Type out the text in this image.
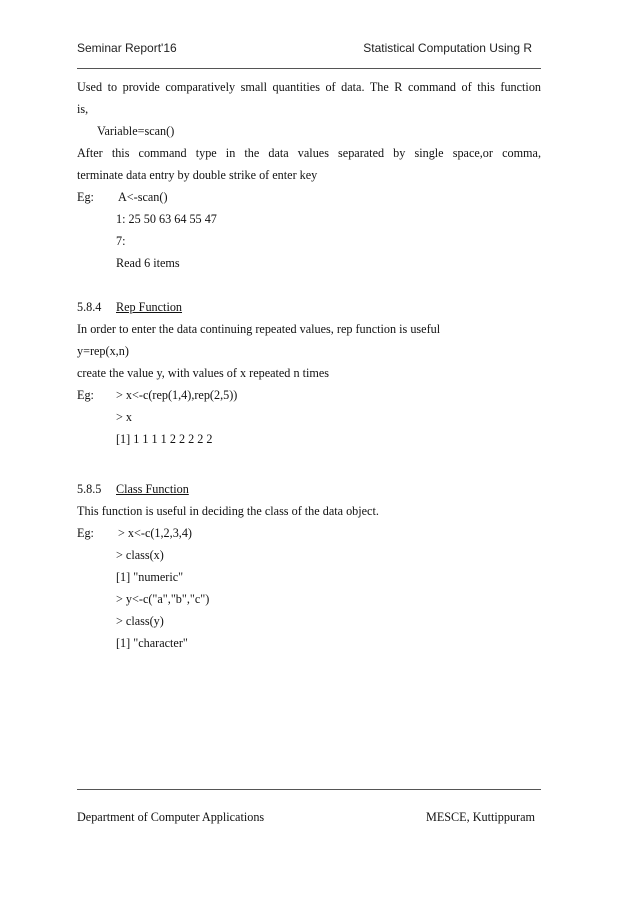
Seminar Report'16	Statistical Computation Using R
Used to provide comparatively small quantities of data. The R command of this function
is,
Variable=scan()
After this command type in the data values separated by single space,or comma,
terminate data entry by double strike of enter key
Eg: A<-scan()
1: 25 50 63 64 55 47
7:
Read 6 items
5.8.4 Rep Function
In order to enter the data continuing repeated values, rep function is useful
y=rep(x,n)
create the value y, with values of x repeated n times
Eg: > x<-c(rep(1,4),rep(2,5))
> x
[1] 1 1 1 1 2 2 2 2 2
5.8.5 Class Function
This function is useful in deciding the class of the data object.
Eg: > x<-c(1,2,3,4)
> class(x)
[1] "numeric"
> y<-c("a","b","c")
> class(y)
[1] "character"
Department of Computer Applications	MESCE, Kuttippuram
